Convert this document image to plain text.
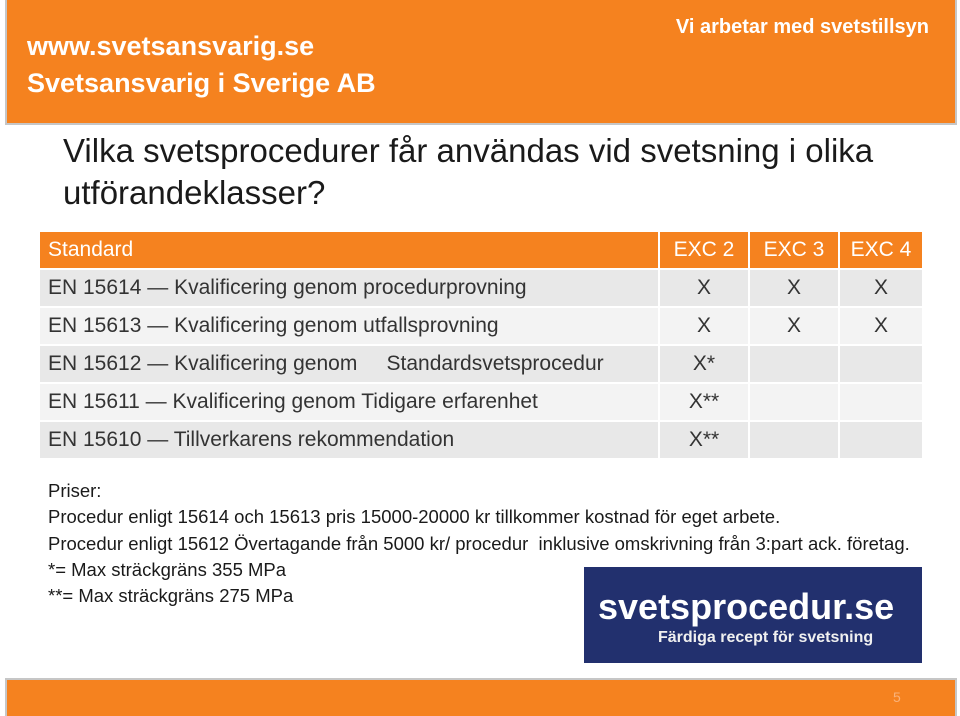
www.svetsansvarig.se
Svetsansvarig i Sverige AB
Vi arbetar med svetstillsyn
Vilka svetsprocedurer får användas vid svetsning i olika utförandeklasser?
Standard	EXC 2	EXC 3	EXC 4
EN 15614 — Kvalificering genom procedurprovning	X	X	X
EN 15613 — Kvalificering genom utfallsprovning	X	X	X
EN 15612 — Kvalificering genom     Standardsvetsprocedur	X*
EN 15611 — Kvalificering genom Tidigare erfarenhet	X**
EN 15610 — Tillverkarens rekommendation	X**
Priser:
Procedur enligt 15614 och 15613 pris 15000-20000 kr tillkommer kostnad för eget arbete.
Procedur enligt 15612 Övertagande från 5000 kr/ procedur  inklusive omskrivning från 3:part ack. företag.
*= Max sträckgräns 355 MPa
**= Max sträckgräns 275 MPa	svetsprocedur.se
Färdiga recept för svetsning
5
